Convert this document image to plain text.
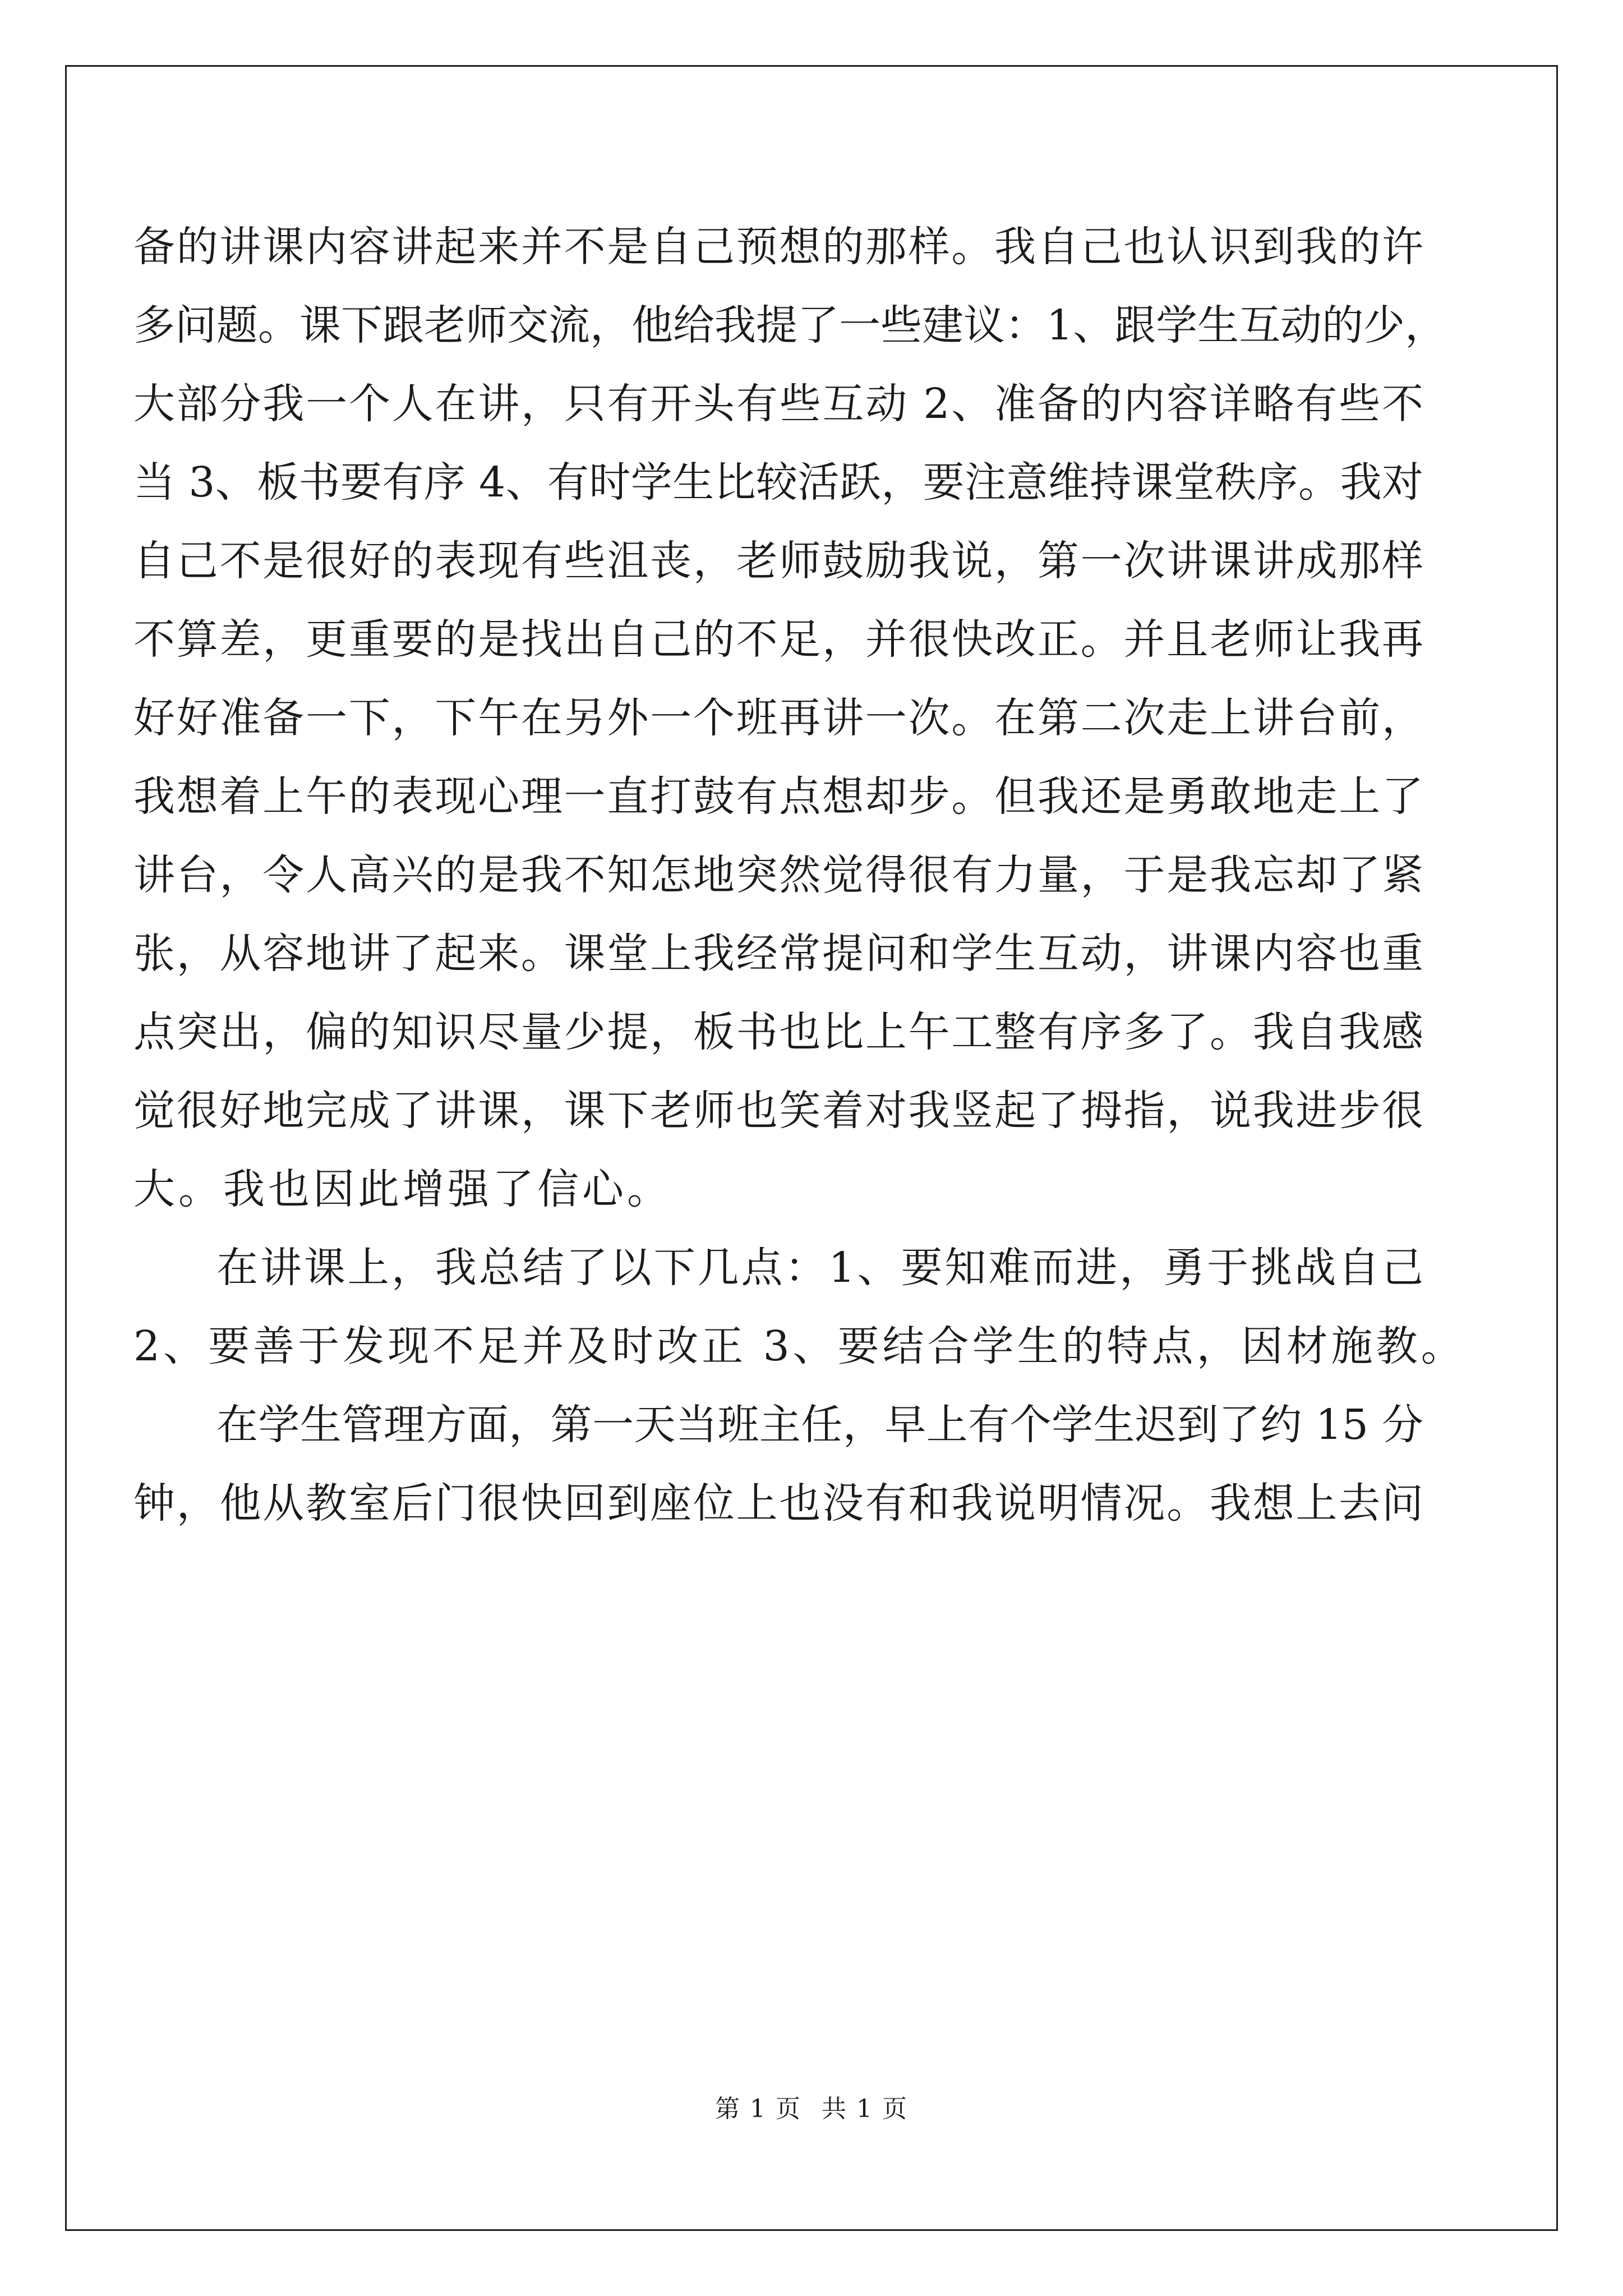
备的讲课内容讲起来并不是自己预想的那样。我自己也认识到我的许
多问题。课下跟老师交流，他给我提了一些建议：1、跟学生互动的少，
大部分我一个人在讲，只有开头有些互动 2、准备的内容详略有些不
当 3、板书要有序 4、有时学生比较活跃，要注意维持课堂秩序。我对
自己不是很好的表现有些沮丧，老师鼓励我说，第一次讲课讲成那样
不算差，更重要的是找出自己的不足，并很快改正。并且老师让我再
好好准备一下，下午在另外一个班再讲一次。在第二次走上讲台前，
我想着上午的表现心理一直打鼓有点想却步。但我还是勇敢地走上了
讲台，令人高兴的是我不知怎地突然觉得很有力量，于是我忘却了紧
张，从容地讲了起来。课堂上我经常提问和学生互动，讲课内容也重
点突出，偏的知识尽量少提，板书也比上午工整有序多了。我自我感
觉很好地完成了讲课，课下老师也笑着对我竖起了拇指，说我进步很
大。我也因此增强了信心。
在讲课上，我总结了以下几点：1、要知难而进，勇于挑战自己
2、要善于发现不足并及时改正 3、要结合学生的特点，因材施教。
在学生管理方面，第一天当班主任，早上有个学生迟到了约 15 分
钟，他从教室后门很快回到座位上也没有和我说明情况。我想上去问
第 1 页 共 1 页
